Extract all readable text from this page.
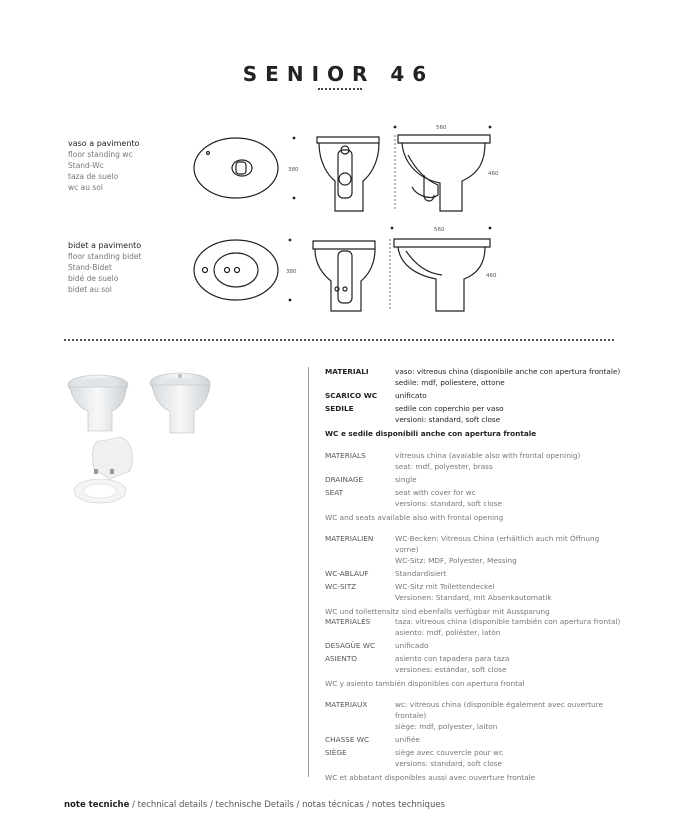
SENIOR 46
vaso a pavimento
floor standing wc
Stand-Wc
taza de suelo
wc au sol
bidet a pavimento
floor standing bidet
Stand-Bidet
bidé de suelo
bidet au sol
380
560
460
380
560
460
MATERIALI	vaso: vitreous china (disponibile anche con apertura frontale)
sedile: mdf, poliestere, ottone
SCARICO WC	unificato
SEDILE	sedile con coperchio per vaso
versioni: standard, soft close
WC e sedile disponibili anche con apertura frontale
MATERIALS	vitreous china (avaiable also with frontal openinig)
seat: mdf, polyester, brass
DRAINAGE	single
SEAT	seat with cover for wc
versions: standard, soft close
WC and seats available also with frontal opening
MATERIALIEN	WC-Becken: Vitreous China (erhältlich auch mit Öffnung vorne)
WC-Sitz: MDF, Polyester, Messing
WC-ABLAUF	Standardisiert
WC-SITZ	WC-Sitz mit Toilettendeckel
Versionen: Standard, mit Absenkautomatik
WC und toilettensitz sind ebenfalls verfügbar mit Aussparung
MATERIALES	taza: vitreous china (disponible también con apertura frontal)
asiento: mdf, poliéster, latón
DESAGÜE WC	unificado
ASIENTO	asiento con tapadera para taza
versiones: estándar, soft close
WC y asiento también disponibles con apertura frontal
MATERIAUX	wc: vitreous china (disponible également avec ouverture frontale)
siège: mdf, polyester, laiton
CHASSE WC	unifiée
SIÈGE	siège avec couvercle pour wc
versions: standard, soft close
WC et abbatant disponibles aussi avec ouverture frontale
note tecniche / technical details / technische Details / notas técnicas / notes techniques
